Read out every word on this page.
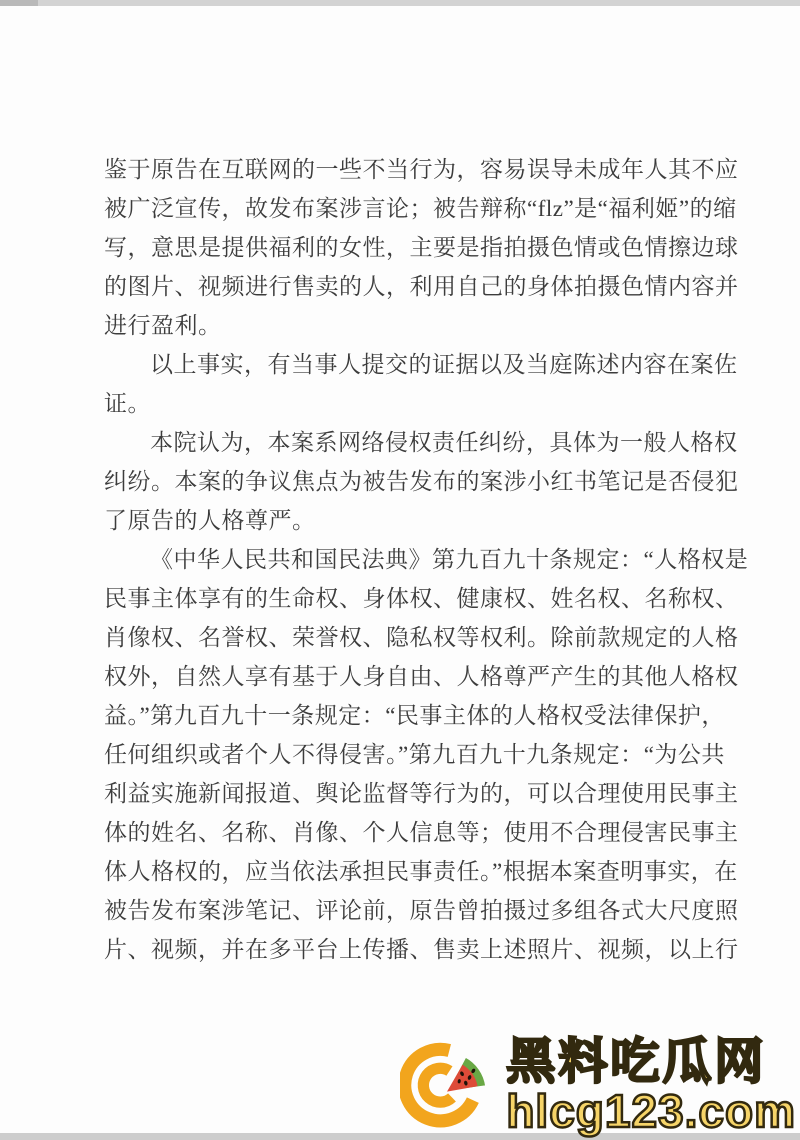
鉴于原告在互联网的一些不当行为，容易误导未成年人其不应
被广泛宣传，故发布案涉言论；被告辩称“flz”是“福利姬”的缩
写，意思是提供福利的女性，主要是指拍摄色情或色情擦边球
的图片、视频进行售卖的人，利用自己的身体拍摄色情内容并
进行盈利。
以上事实，有当事人提交的证据以及当庭陈述内容在案佐
证。
本院认为，本案系网络侵权责任纠纷，具体为一般人格权
纠纷。本案的争议焦点为被告发布的案涉小红书笔记是否侵犯
了原告的人格尊严。
《中华人民共和国民法典》第九百九十条规定：“人格权是
民事主体享有的生命权、身体权、健康权、姓名权、名称权、
肖像权、名誉权、荣誉权、隐私权等权利。除前款规定的人格
权外，自然人享有基于人身自由、人格尊严产生的其他人格权
益。”第九百九十一条规定：“民事主体的人格权受法律保护，
任何组织或者个人不得侵害。”第九百九十九条规定：“为公共
利益实施新闻报道、舆论监督等行为的，可以合理使用民事主
体的姓名、名称、肖像、个人信息等；使用不合理侵害民事主
体人格权的，应当依法承担民事责任。”根据本案查明事实，在
被告发布案涉笔记、评论前，原告曾拍摄过多组各式大尺度照
片、视频，并在多平台上传播、售卖上述照片、视频，以上行
黑料吃瓜网
hlcg123.com
